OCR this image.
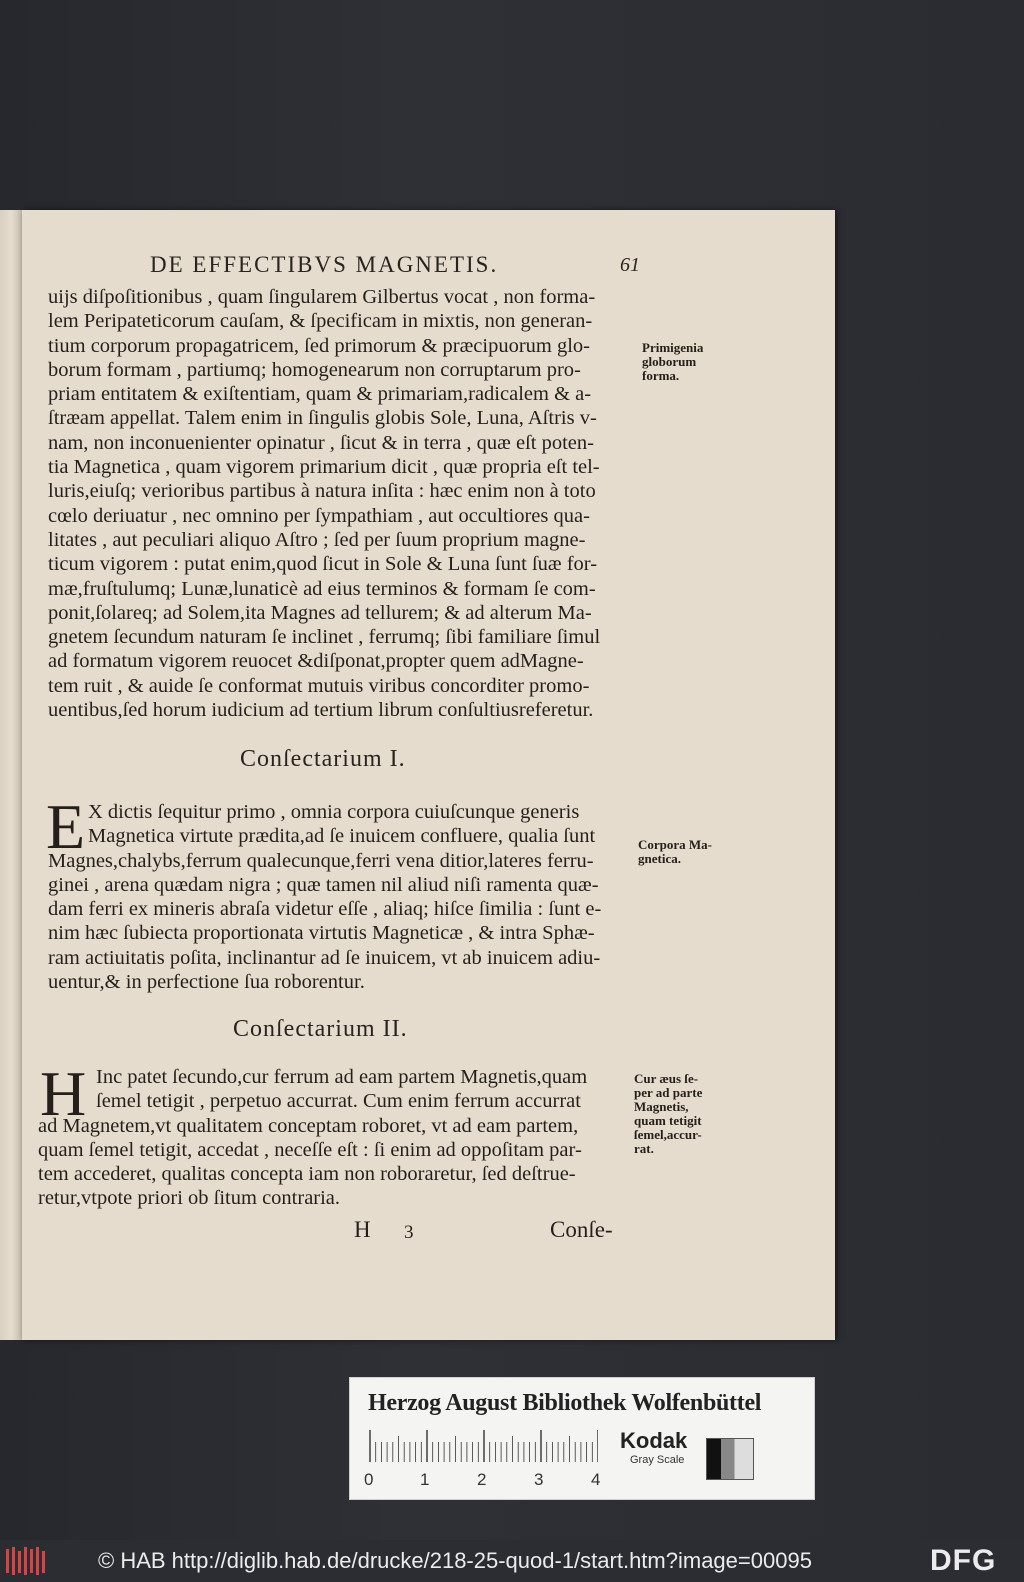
DE EFFECTIBVS MAGNETIS.	61
uijs diſpoſitionibus , quam ſingularem Gilbertus vocat , non forma-
lem Peripateticorum cauſam, & ſpecificam in mixtis, non generan-
tium corporum propagatricem, ſed primorum & præcipuorum glo-
borum formam , partiumq; homogenearum non corruptarum pro-
priam entitatem & exiſtentiam, quam & primariam,radicalem & a-
ſtræam appellat. Talem enim in ſingulis globis Sole, Luna, Aſtris v-
nam, non inconuenienter opinatur , ſicut & in terra , quæ eſt poten-
tia Magnetica , quam vigorem primarium dicit , quæ propria eſt tel-
luris,eiuſq; verioribus partibus à natura inſita : hæc enim non à toto
cœlo deriuatur , nec omnino per ſympathiam , aut occultiores qua-
litates , aut peculiari aliquo Aſtro ; ſed per ſuum proprium magne-
ticum vigorem : putat enim,quod ſicut in Sole & Luna ſunt ſuæ for-
mæ,fruſtulumq; Lunæ,lunaticè ad eius terminos & formam ſe com-
ponit,ſolareq; ad Solem,ita Magnes ad tellurem; & ad alterum Ma-
gnetem ſecundum naturam ſe inclinet , ferrumq; ſibi familiare ſimul
ad formatum vigorem reuocet &diſponat,propter quem adMagne-
tem ruit , & auide ſe conformat mutuis viribus concorditer promo-
uentibus,ſed horum iudicium ad tertium librum conſultiusreferetur.
Primigenia
globorum
forma.
Conſectarium I.
E X dictis ſequitur primo , omnia corpora cuiuſcunque generis
Magnetica virtute prædita,ad ſe inuicem confluere, qualia ſunt
Magnes,chalybs,ferrum qualecunque,ferri vena ditior,lateres ferru-
ginei , arena quædam nigra ; quæ tamen nil aliud niſi ramenta quæ-
dam ferri ex mineris abraſa videtur eſſe , aliaq; hiſce ſimilia : ſunt e-
nim hæc ſubiecta proportionata virtutis Magneticæ , & intra Sphæ-
ram actiuitatis poſita, inclinantur ad ſe inuicem, vt ab inuicem adiu-
uentur,& in perfectione ſua roborentur.
Corpora Ma-
gnetica.
Conſectarium II.
H Inc patet ſecundo,cur ferrum ad eam partem Magnetis,quam
ſemel tetigit , perpetuo accurrat. Cum enim ferrum accurrat
ad Magnetem,vt qualitatem conceptam roboret, vt ad eam partem,
quam ſemel tetigit, accedat , neceſſe eſt : ſi enim ad oppoſitam par-
tem accederet, qualitas concepta iam non roboraretur, ſed deſtrue-
retur,vtpote priori ob ſitum contraria.
Cur æus ſe-
per ad parte
Magnetis,
quam tetigit
ſemel,accur-
rat.
H 3	Conſe-
Herzog August Bibliothek Wolfenbüttel
0	1	2	3	4
Kodak
Gray Scale
© HAB http://diglib.hab.de/drucke/218-25-quod-1/start.htm?image=00095	DFG
